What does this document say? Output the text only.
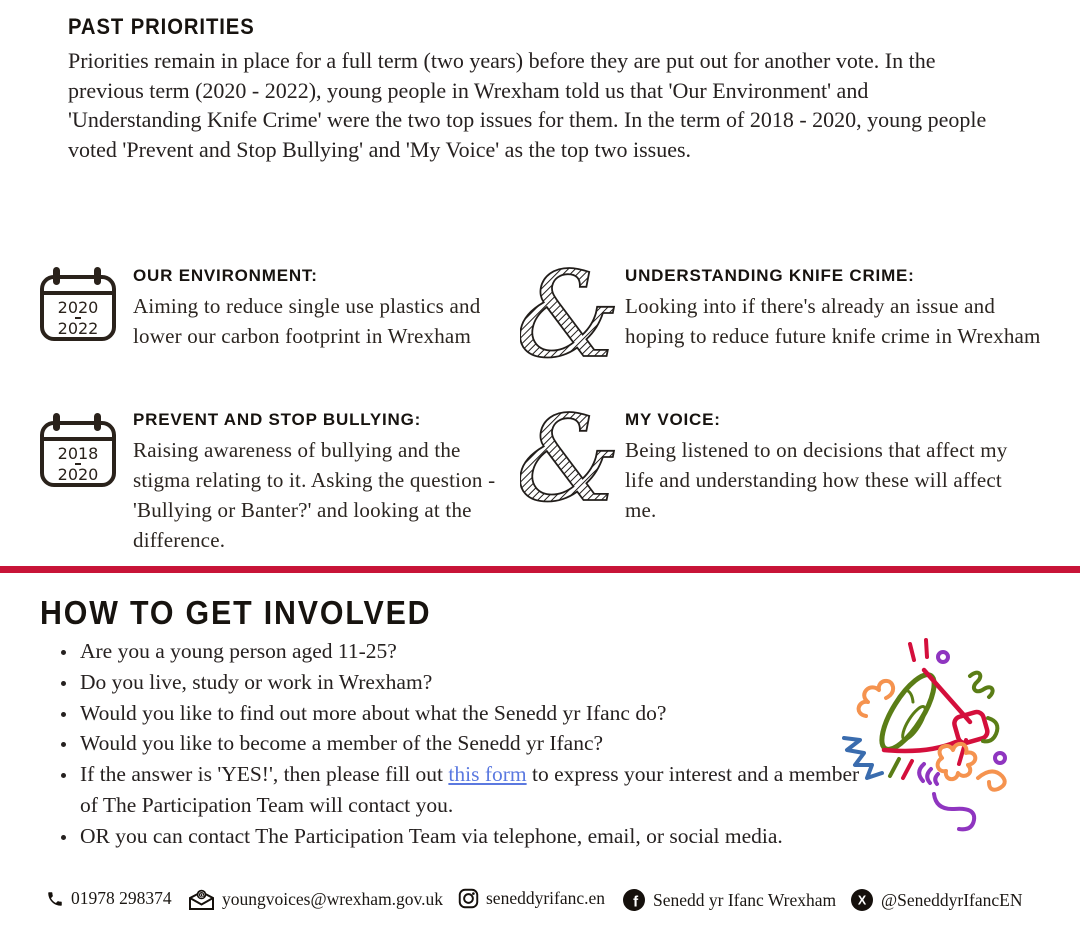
PAST PRIORITIES
Priorities remain in place for a full term (two years) before they are put out for another vote. In the previous term (2020 - 2022), young people in Wrexham told us that 'Our Environment' and 'Understanding Knife Crime' were the two top issues for them. In the term of 2018 - 2020, young people voted 'Prevent and Stop Bullying' and 'My Voice' as the top two issues.
2020
2022
OUR ENVIRONMENT:
Aiming to reduce single use plastics and lower our carbon footprint in Wrexham & UNDERSTANDING KNIFE CRIME:
Looking into if there's already an issue and hoping to reduce future knife crime in Wrexham
2018
2020
PREVENT AND STOP BULLYING:
Raising awareness of bullying and the stigma relating to it. Asking the question - 'Bullying or Banter?' and looking at the difference.
& MY VOICE:
Being listened to on decisions that affect my life and understanding how these will affect me.
HOW TO GET INVOLVED
• Are you a young person aged 11-25?
• Do you live, study or work in Wrexham?
• Would you like to find out more about what the Senedd yr Ifanc do?
• Would you like to become a member of the Senedd yr Ifanc?
• If the answer is 'YES!', then please fill out this form to express your interest and a member of The Participation Team will contact you.
• OR you can contact The Participation Team via telephone, email, or social media.
01978 298374	@ youngvoices@wrexham.gov.uk seneddyrifanc.en f Senedd yr Ifanc Wrexham X @SeneddyrIfancEN
